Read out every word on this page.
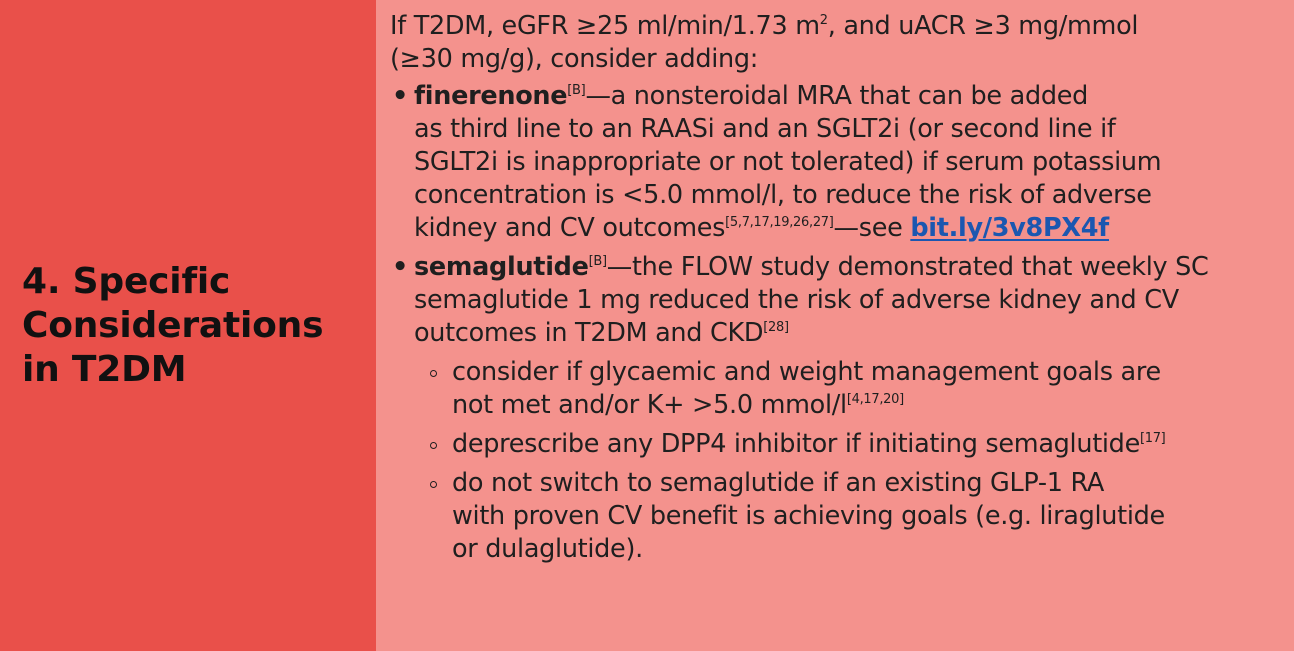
4. Specific
Considerations
in T2DM

If T2DM, eGFR ≥25 ml/min/1.73 $m^2$, and uACR ≥3 mg/mmol
(≥30 mg/g), consider adding:

• finerenone[B]—a nonsteroidal MRA that can be added
as third line to an RAASi and an SGLT2i (or second line if
SGLT2i is inappropriate or not tolerated) if serum potassium
concentration is <5.0 mmol/l, to reduce the risk of adverse
kidney and CV outcomes[5,7,17,19,26,27]—see bit.ly/3v8PX4f
• semaglutide[B]—the FLOW study demonstrated that weekly SC
semaglutide 1 mg reduced the risk of adverse kidney and CV
outcomes in T2DM and CKD[28]
consider if glycaemic and weight management goals are
not met and/or K+ >5.0 mmol/l[4,17,20]
deprescribe any DPP4 inhibitor if initiating semaglutide[17]
do not switch to semaglutide if an existing GLP-1 RA
with proven CV benefit is achieving goals (e.g. liraglutide
or dulaglutide).
